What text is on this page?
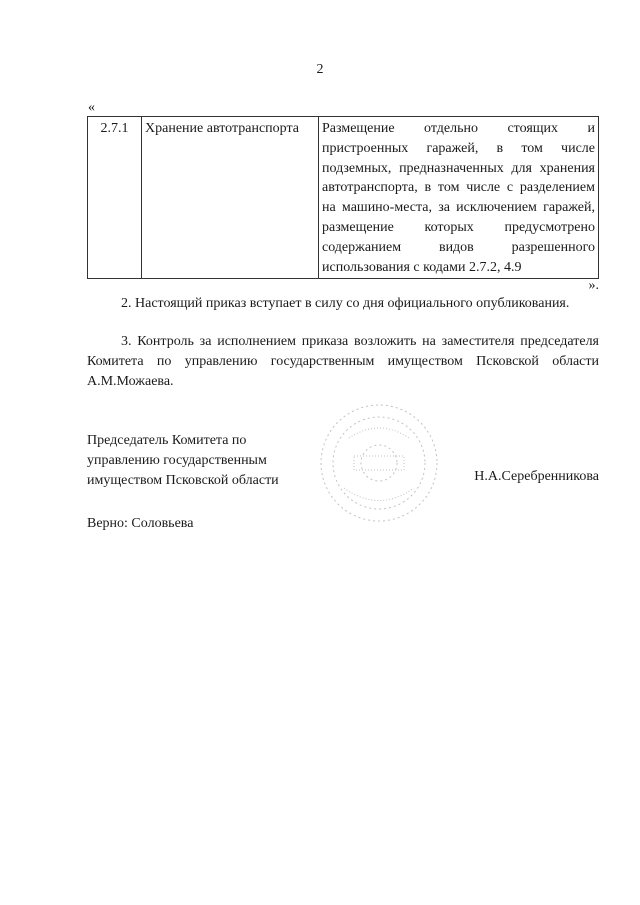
2
«
2.7.1	Хранение автотранспорта	Размещение отдельно стоящих и пристроенных гаражей, в том числе подземных, предназначенных для хранения автотранспорта, в том числе с разделением на машино-места, за исключением гаражей, размещение которых предусмотрено содержанием видов разрешенного использования с кодами 2.7.2, 4.9
».

2. Настоящий приказ вступает в силу со дня официального опубликования.

3. Контроль за исполнением приказа возложить на заместителя председателя Комитета по управлению государственным имуществом Псковской области А.М.Можаева.

Председатель Комитета по
управлению государственным
имуществом Псковской области	Н.А.Серебренникова
Верно: Соловьева
